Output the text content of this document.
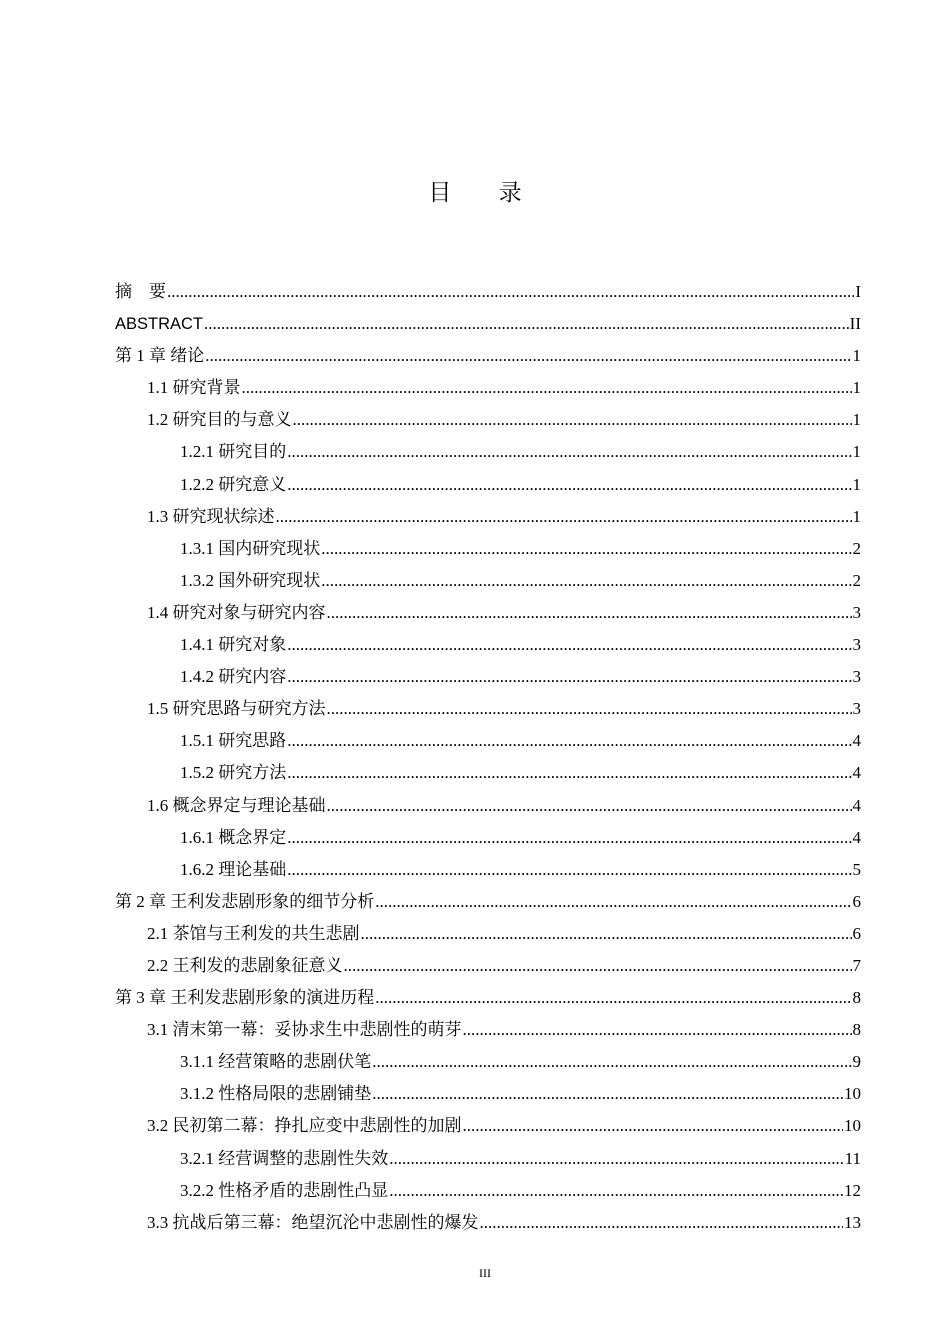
目 录
摘　要 .....	I
ABSTRACT .....	II
第 1 章 绪论 .....	1
1.1 研究背景 .....	1
1.2 研究目的与意义 .....	1
1.2.1 研究目的 .....	1
1.2.2 研究意义 .....	1
1.3 研究现状综述 .....	1
1.3.1 国内研究现状 .....	2
1.3.2 国外研究现状 .....	2
1.4 研究对象与研究内容 .....	3
1.4.1 研究对象 .....	3
1.4.2 研究内容 .....	3
1.5 研究思路与研究方法 .....	3
1.5.1 研究思路 .....	4
1.5.2 研究方法 .....	4
1.6 概念界定与理论基础 .....	4
1.6.1 概念界定 .....	4
1.6.2 理论基础 .....	5
第 2 章 王利发悲剧形象的细节分析 .....	6
2.1 茶馆与王利发的共生悲剧 .....	6
2.2 王利发的悲剧象征意义 .....	7
第 3 章 王利发悲剧形象的演进历程 .....	8
3.1 清末第一幕：妥协求生中悲剧性的萌芽 .....	8
3.1.1 经营策略的悲剧伏笔 .....	9
3.1.2 性格局限的悲剧铺垫 .....	10
3.2 民初第二幕：挣扎应变中悲剧性的加剧 .....	10
3.2.1 经营调整的悲剧性失效 .....	11
3.2.2 性格矛盾的悲剧性凸显 .....	12
3.3 抗战后第三幕：绝望沉沦中悲剧性的爆发 .....	13
III
